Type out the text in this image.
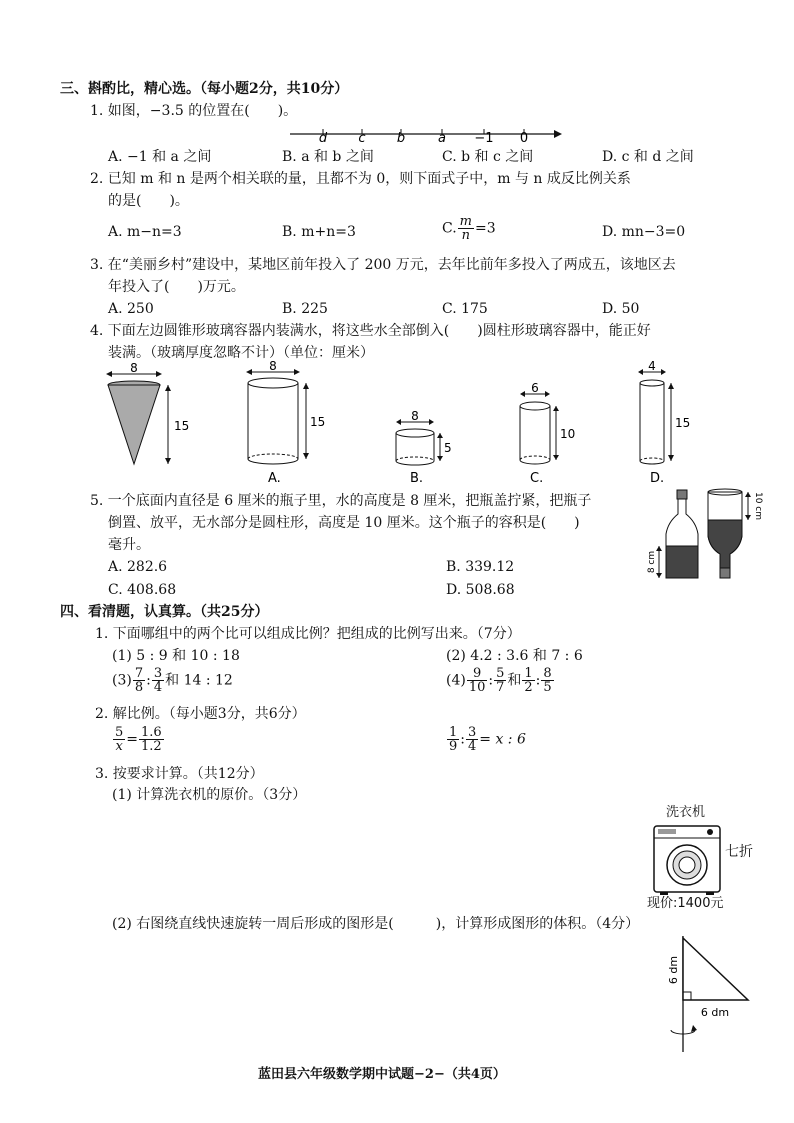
三、斟酌比，精心选。（每小题2分，共10分）
1. 如图，−3.5 的位置在(　　)。
d c b	a −1 0
A. −1 和 a 之间	B. a 和 b 之间	C. b 和 c 之间	D. c 和 d 之间
2. 已知 m 和 n 是两个相关联的量，且都不为 0，则下面式子中，m 与 n 成反比例关系
的是(　　)。
A. m−n=3	B. m+n=3	C. $\frac{m}{n} =3$	D. mn−3=0
3. 在“美丽乡村”建设中，某地区前年投入了 200 万元，去年比前年多投入了两成五，该地区去
年投入了(　　)万元。
A. 250	B. 225	C. 175	D. 50
4. 下面左边圆锥形玻璃容器内装满水，将这些水全部倒入(　　)圆柱形玻璃容器中，能正好
装满。（玻璃厚度忽略不计）（单位：厘米）
8
15
8
15
A.
8
5
B.
6
10
C.
4
15
D.
5. 一个底面内直径是 6 厘米的瓶子里，水的高度是 8 厘米，把瓶盖拧紧，把瓶子
倒置、放平，无水部分是圆柱形，高度是 10 厘米。这个瓶子的容积是(　　)
毫升。
A. 282.6	B. 339.12
C. 408.68	D. 508.68
8 cm
10 cm
四、看清题，认真算。（共25分）
1. 下面哪组中的两个比可以组成比例？把组成的比例写出来。（7分）
(1) 5 : 9 和 10 : 18	(2) 4.2 : 3.6 和 7 : 6
$(3) \frac{7}{8}$ : $\frac{3}{4}$ 和 14 : 12	$(4) \frac{9}{10}$ : $\frac{5}{7}$ 和 $\frac{1}{2}$ : $\frac{8}{5}$
2. 解比例。（每小题3分，共6分）
$\frac{5}{x} = \frac{1.6}{1.2}$	$\frac{1}{9}$ : $\frac{3}{4} = x$ : 6
3. 按要求计算。（共12分）
(1) 计算洗衣机的原价。（3分）
洗衣机
七折
现价:1400元
(2) 右图绕直线快速旋转一周后形成的图形是(　　　)，计算形成图形的体积。（4分）
6 dm
6 dm
蓝田县六年级数学期中试题−2−（共4页）
